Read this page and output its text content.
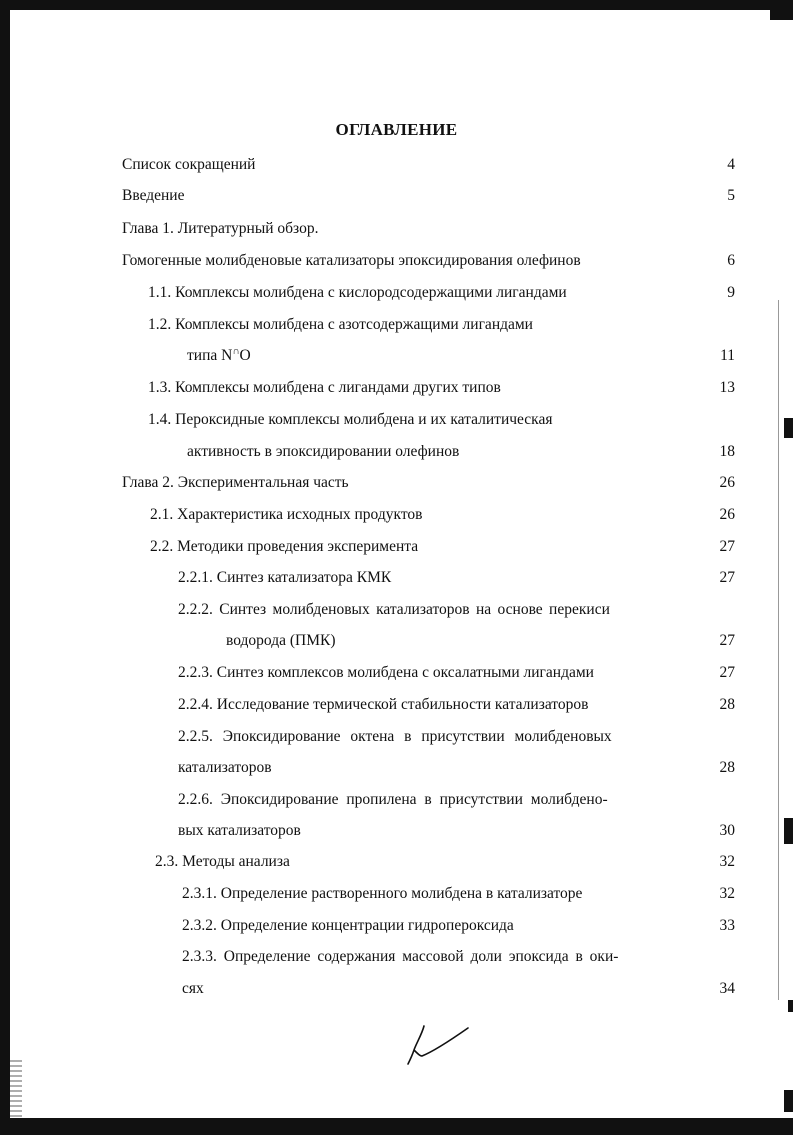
ОГЛАВЛЕНИЕ
Список сокращений	4
Введение	5
Глава 1. Литературный обзор.
Гомогенные молибденовые катализаторы эпоксидирования олефинов	6
1.1. Комплексы молибдена с кислородсодержащими лигандами	9
1.2. Комплексы молибдена с азотсодержащими лигандами
типа N∩O	11
1.3. Комплексы молибдена с лигандами других типов	13
1.4. Пероксидные комплексы молибдена и их каталитическая
активность в эпоксидировании олефинов	18
Глава 2. Экспериментальная часть	26
2.1. Характеристика исходных продуктов	26
2.2. Методики проведения эксперимента	27
2.2.1. Синтез катализатора КМК	27
2.2.2. Синтез молибденовых катализаторов на основе перекиси
водорода (ПМК)	27
2.2.3. Синтез комплексов молибдена с оксалатными лигандами	27
2.2.4. Исследование термической стабильности катализаторов	28
2.2.5. Эпоксидирование октена в присутствии молибденовых
катализаторов	28
2.2.6. Эпоксидирование пропилена в присутствии молибдено-
вых катализаторов	30
2.3. Методы анализа	32
2.3.1. Определение растворенного молибдена в катализаторе	32
2.3.2. Определение концентрации гидропероксида	33
2.3.3. Определение содержания массовой доли эпоксида в оки-
сях	34
